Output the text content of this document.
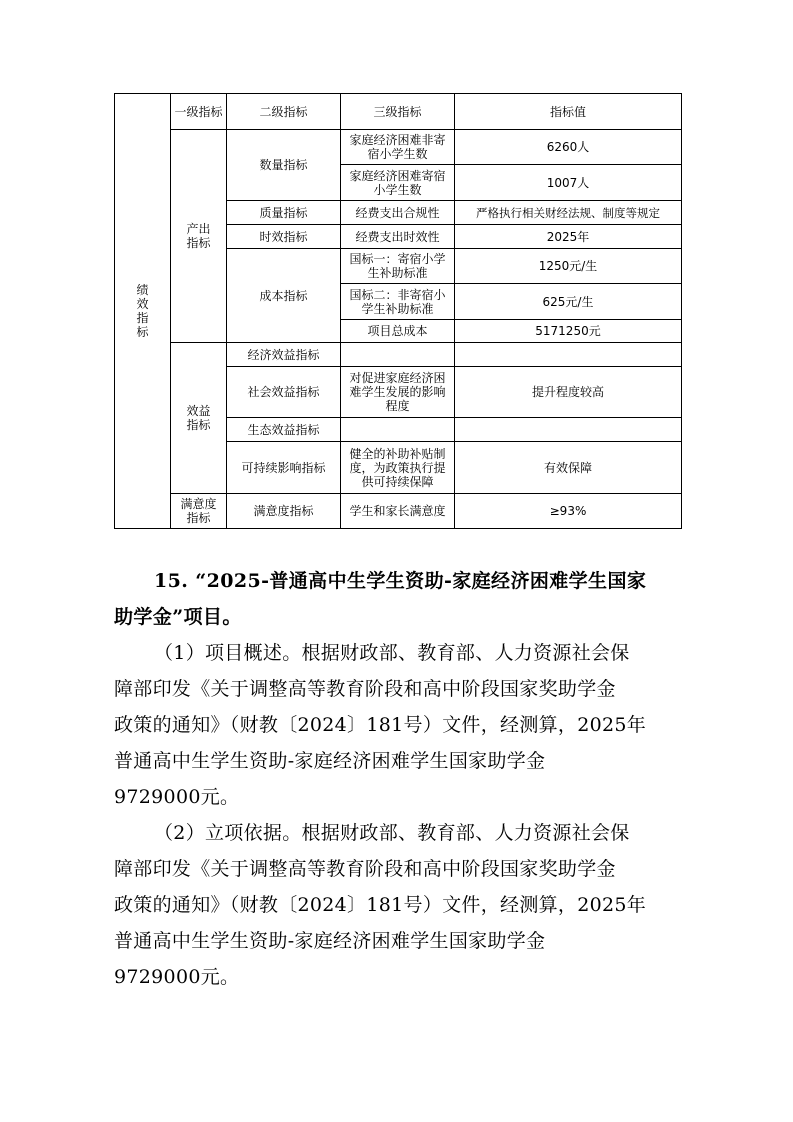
绩效指标	一级指标	二级指标	三级指标	指标值
	产出指标	数量指标	家庭经济困难非寄宿小学生数	6260人
			家庭经济困难寄宿小学生数	1007人
		质量指标	经费支出合规性	严格执行相关财经法规、制度等规定
		时效指标	经费支出时效性	2025年
		成本指标	国标一：寄宿小学生补助标准	1250元/生
			国标二：非寄宿小学生补助标准	625元/生
			项目总成本	5171250元
	效益指标	经济效益指标		
		社会效益指标	对促进家庭经济困难学生发展的影响程度	提升程度较高
		生态效益指标		
		可持续影响指标	健全的补助补贴制度，为政策执行提供可持续保障	有效保障
	满意度指标	满意度指标	学生和家长满意度	≥93%
15. “2025-普通高中生学生资助-家庭经济困难学生国家
助学金”项目。
（1）项目概述。根据财政部、教育部、人力资源社会保
障部印发《关于调整高等教育阶段和高中阶段国家奖助学金
政策的通知》（财教〔2024〕181号）文件，经测算，2025年
普通高中生学生资助-家庭经济困难学生国家助学金
9729000元。
（2）立项依据。根据财政部、教育部、人力资源社会保
障部印发《关于调整高等教育阶段和高中阶段国家奖助学金
政策的通知》（财教〔2024〕181号）文件，经测算，2025年
普通高中生学生资助-家庭经济困难学生国家助学金
9729000元。
